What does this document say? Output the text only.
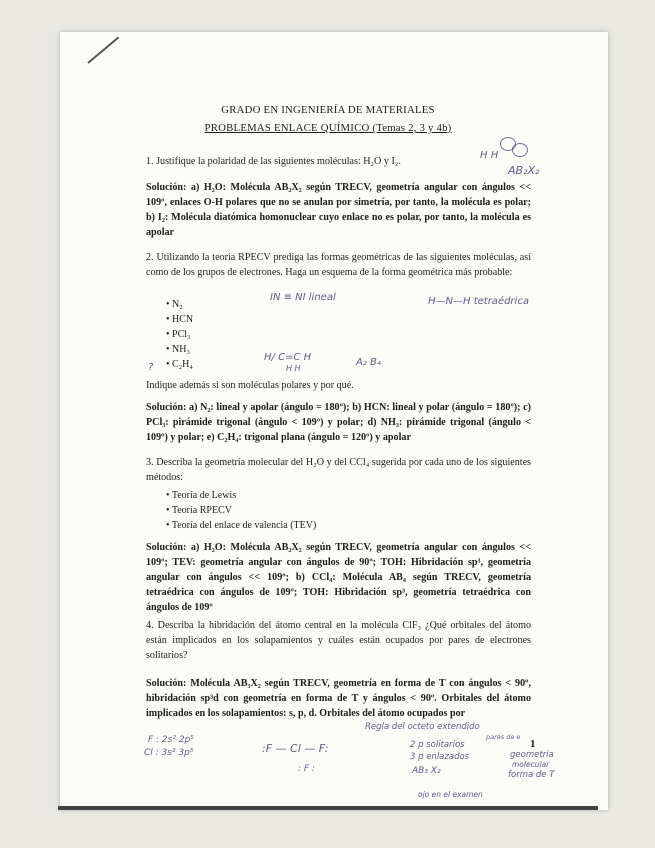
GRADO EN INGENIERÍA DE MATERIALES
PROBLEMAS ENLACE QUÍMICO (Temas 2, 3 y 4b)
H H
AB₂X₂
1. Justifique la polaridad de las siguientes moléculas: H₂O y I₂.
Solución: a) H₂O: Molécula AB₂X₂ según TRECV, geometría angular con ángulos << 109º, enlaces O-H polares que no se anulan por simetría, por tanto, la molécula es polar; b) I₂: Molécula diatómica homonuclear cuyo enlace no es polar, por tanto, la molécula es apolar
2. Utilizando la teoría RPECV prediga las formas geométricas de las siguientes moléculas, así como de los grupos de electrones. Haga un esquema de la forma geométrica más probable:
• N₂
• HCN
• PCl₃
• NH₃
• C₂H₄
IN ≡ NI lineal	H—N—H tetraédrica
H/ C=C H
H H
A₂ B₄
?
Indique además si son moléculas polares y por qué.
Solución: a) N₂: lineal y apolar (ángulo = 180º); b) HCN: lineal y polar (ángulo = 180º); c) PCl₃: pirámide trigonal (ángulo < 109º) y polar; d) NH₃: pirámide trigonal (ángulo < 109º) y polar; e) C₂H₄: trigonal plana (ángulo = 120º) y apolar
3. Describa la geometría molecular del H₂O y del CCl₄ sugerida por cada uno de los siguientes métodos:
• Teoría de Lewis
• Teoría RPECV
• Teoría del enlace de valencia (TEV)
Solución: a) H₂O: Molécula AB₂X₂ según TRECV, geometría angular con ángulos << 109º; TEV: geometría angular con ángulos de 90º; TOH: Hibridación sp³, geometría angular con ángulos << 109º; b) CCl₄: Molécula AB₄ según TRECV, geometría tetraédrica con ángulos de 109º; TOH: Hibridación sp³, geometría tetraédrica con ángulos de 109º
4. Describa la hibridación del átomo central en la molécula ClF₃ ¿Qué orbitales del átomo están implicados en los solapamientos y cuáles están ocupados por pares de electrones solitarios?
Solución: Molécula AB₃X₂ según TRECV, geometría en forma de T con ángulos < 90º, hibridación sp³d con geometría en forma de T y ángulos < 90º. Orbitales del átomo implicados en los solapamientos: s, p, d. Orbitales del átomo ocupados por
Regla del octeto extendido
F : 2s² 2p⁵
Cl : 3s² 3p⁵	:F — Cl — F:
: F :
2 p solitarios
3 p enlazados
pares de e
AB₃ X₂
geometría
molecular
forma de T
ojo en el examen
1
